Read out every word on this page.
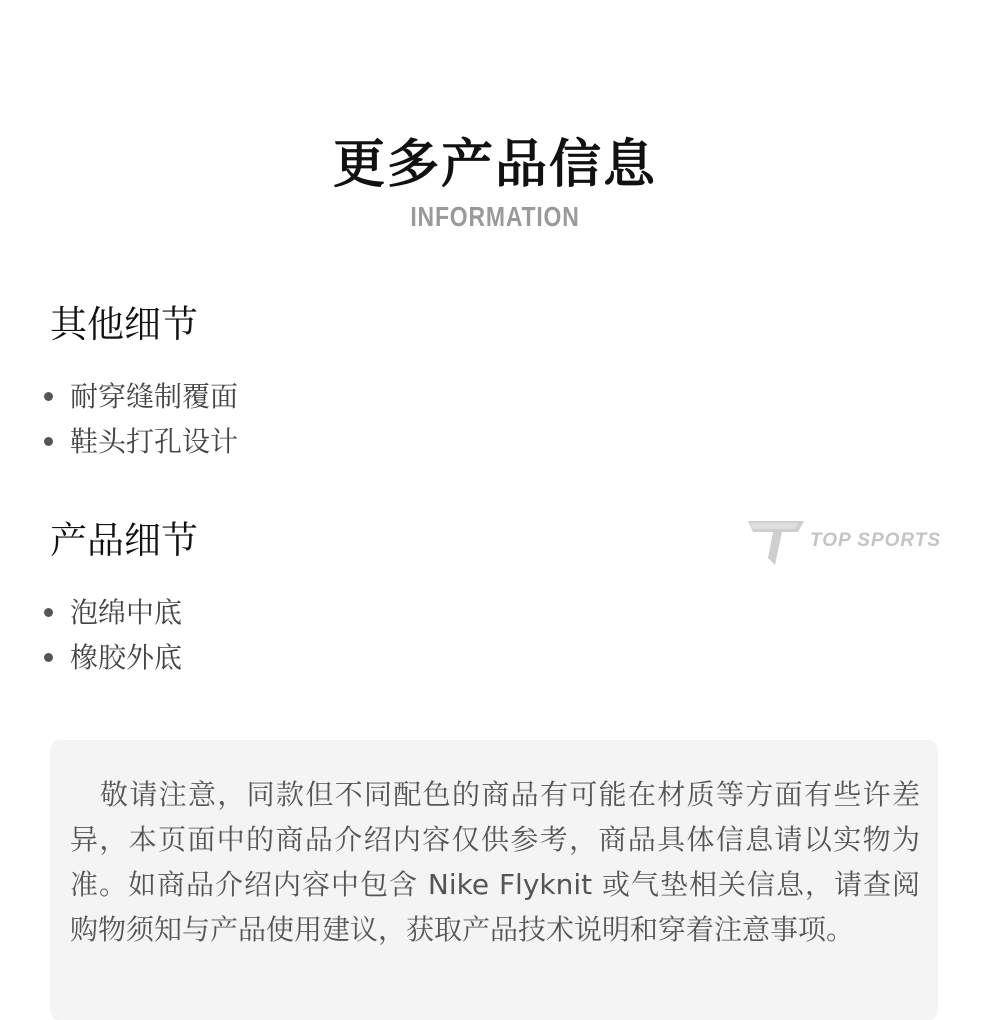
更多产品信息
INFORMATION
其他细节
耐穿缝制覆面
鞋头打孔设计
产品细节
泡绵中底
橡胶外底
TOP SPORTS

敬请注意，同款但不同配色的商品有可能在材质等方面有些许差异，本页面中的商品介绍内容仅供参考，商品具体信息请以实物为准。如商品介绍内容中包含 Nike Flyknit 或气垫相关信息，请查阅购物须知与产品使用建议，获取产品技术说明和穿着注意事项。
